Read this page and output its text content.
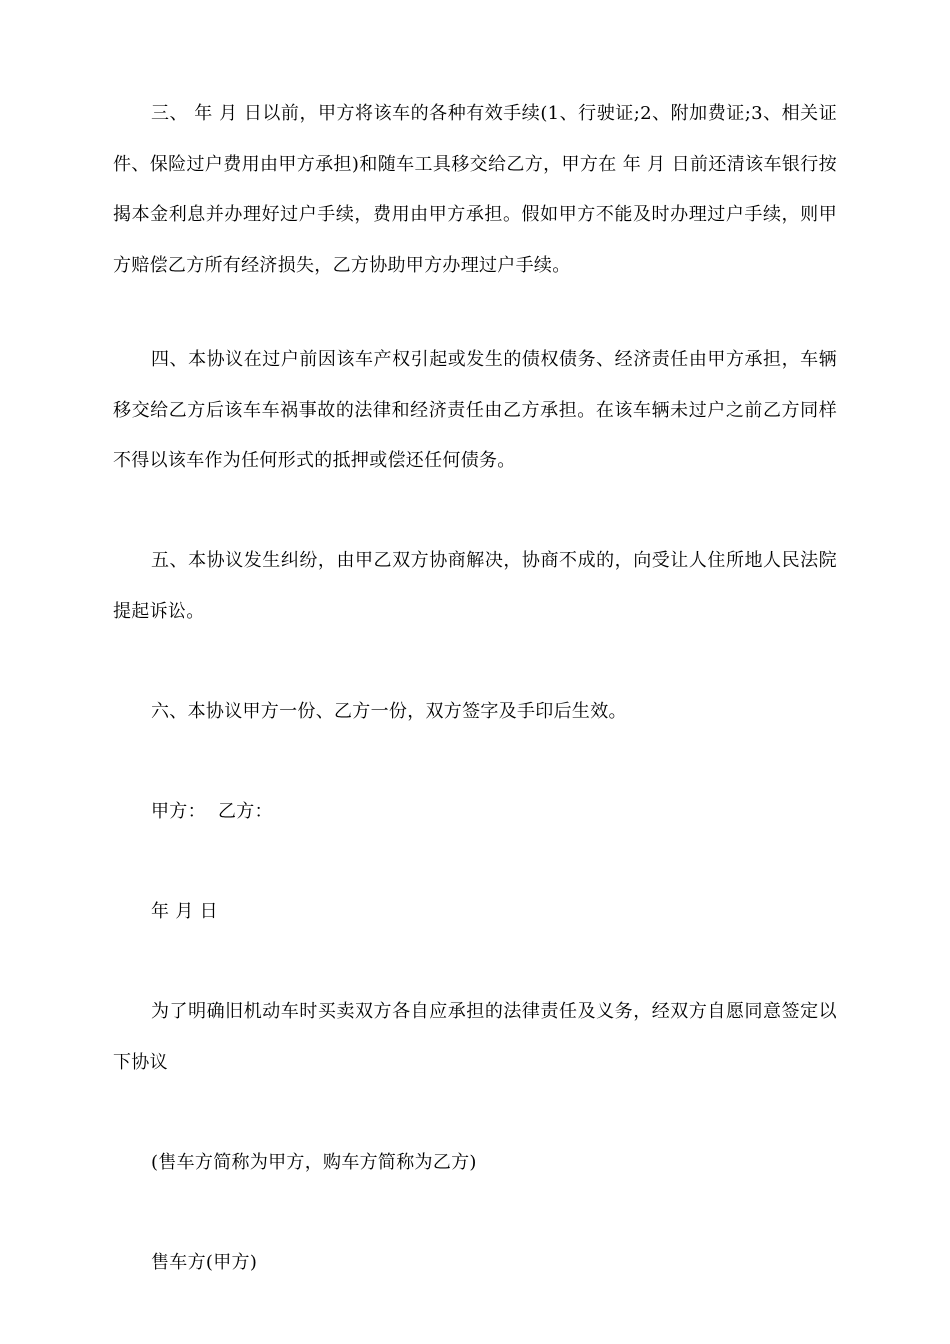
三、 年 月 日以前，甲方将该车的各种有效手续(1、行驶证;2、附加费证;3、相关证件、保险过户费用由甲方承担)和随车工具移交给乙方，甲方在 年 月 日前还清该车银行按揭本金利息并办理好过户手续，费用由甲方承担。假如甲方不能及时办理过户手续，则甲方赔偿乙方所有经济损失，乙方协助甲方办理过户手续。

四、本协议在过户前因该车产权引起或发生的债权债务、经济责任由甲方承担，车辆移交给乙方后该车车祸事故的法律和经济责任由乙方承担。在该车辆未过户之前乙方同样不得以该车作为任何形式的抵押或偿还任何债务。

五、本协议发生纠纷，由甲乙双方协商解决，协商不成的，向受让人住所地人民法院提起诉讼。

六、本协议甲方一份、乙方一份，双方签字及手印后生效。

甲方：  乙方：

年 月 日

为了明确旧机动车时买卖双方各自应承担的法律责任及义务，经双方自愿同意签定以下协议

(售车方简称为甲方，购车方简称为乙方)

售车方(甲方)
